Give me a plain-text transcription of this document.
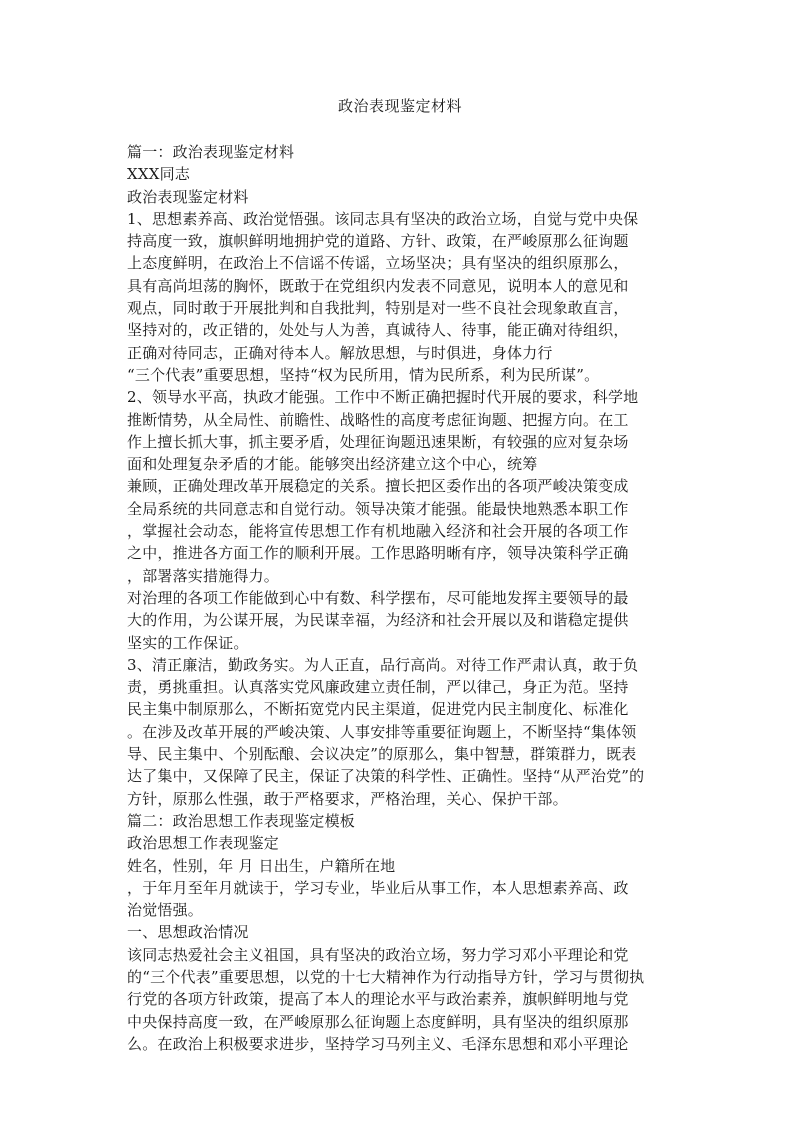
政治表现鉴定材料
篇一：政治表现鉴定材料
XXX同志
政治表现鉴定材料
1、思想素养高、政治觉悟强。该同志具有坚决的政治立场，自觉与党中央保
持高度一致，旗帜鲜明地拥护党的道路、方针、政策，在严峻原那么征询题
上态度鲜明，在政治上不信谣不传谣，立场坚决；具有坚决的组织原那么，
具有高尚坦荡的胸怀，既敢于在党组织内发表不同意见，说明本人的意见和
观点，同时敢于开展批判和自我批判，特别是对一些不良社会现象敢直言，
坚持对的，改正错的，处处与人为善，真诚待人、待事，能正确对待组织，
正确对待同志，正确对待本人。解放思想，与时俱进，身体力行
“三个代表”重要思想，坚持“权为民所用，情为民所系，利为民所谋”。
2、领导水平高，执政才能强。工作中不断正确把握时代开展的要求，科学地
推断情势，从全局性、前瞻性、战略性的高度考虑征询题、把握方向。在工
作上擅长抓大事，抓主要矛盾，处理征询题迅速果断，有较强的应对复杂场
面和处理复杂矛盾的才能。能够突出经济建立这个中心，统筹
兼顾，正确处理改革开展稳定的关系。擅长把区委作出的各项严峻决策变成
全局系统的共同意志和自觉行动。领导决策才能强。能最快地熟悉本职工作
，掌握社会动态，能将宣传思想工作有机地融入经济和社会开展的各项工作
之中，推进各方面工作的顺利开展。工作思路明晰有序，领导决策科学正确
，部署落实措施得力。
对治理的各项工作能做到心中有数、科学摆布，尽可能地发挥主要领导的最
大的作用，为公谋开展，为民谋幸福，为经济和社会开展以及和谐稳定提供
坚实的工作保证。
3、清正廉洁，勤政务实。为人正直，品行高尚。对待工作严肃认真，敢于负
责，勇挑重担。认真落实党风廉政建立责任制，严以律己，身正为范。坚持
民主集中制原那么，不断拓宽党内民主渠道，促进党内民主制度化、标准化
。在涉及改革开展的严峻决策、人事安排等重要征询题上，不断坚持“集体领
导、民主集中、个别酝酿、会议决定”的原那么，集中智慧，群策群力，既表
达了集中，又保障了民主，保证了决策的科学性、正确性。坚持“从严治党”的
方针，原那么性强，敢于严格要求，严格治理，关心、保护干部。
篇二：政治思想工作表现鉴定模板
政治思想工作表现鉴定
姓名，性别，年 月 日出生，户籍所在地
，于年月至年月就读于，学习专业，毕业后从事工作，本人思想素养高、政
治觉悟强。
一、思想政治情况
该同志热爱社会主义祖国，具有坚决的政治立场，努力学习邓小平理论和党
的“三个代表”重要思想，以党的十七大精神作为行动指导方针，学习与贯彻执
行党的各项方针政策，提高了本人的理论水平与政治素养，旗帜鲜明地与党
中央保持高度一致，在严峻原那么征询题上态度鲜明，具有坚决的组织原那
么。在政治上积极要求进步，坚持学习马列主义、毛泽东思想和邓小平理论
